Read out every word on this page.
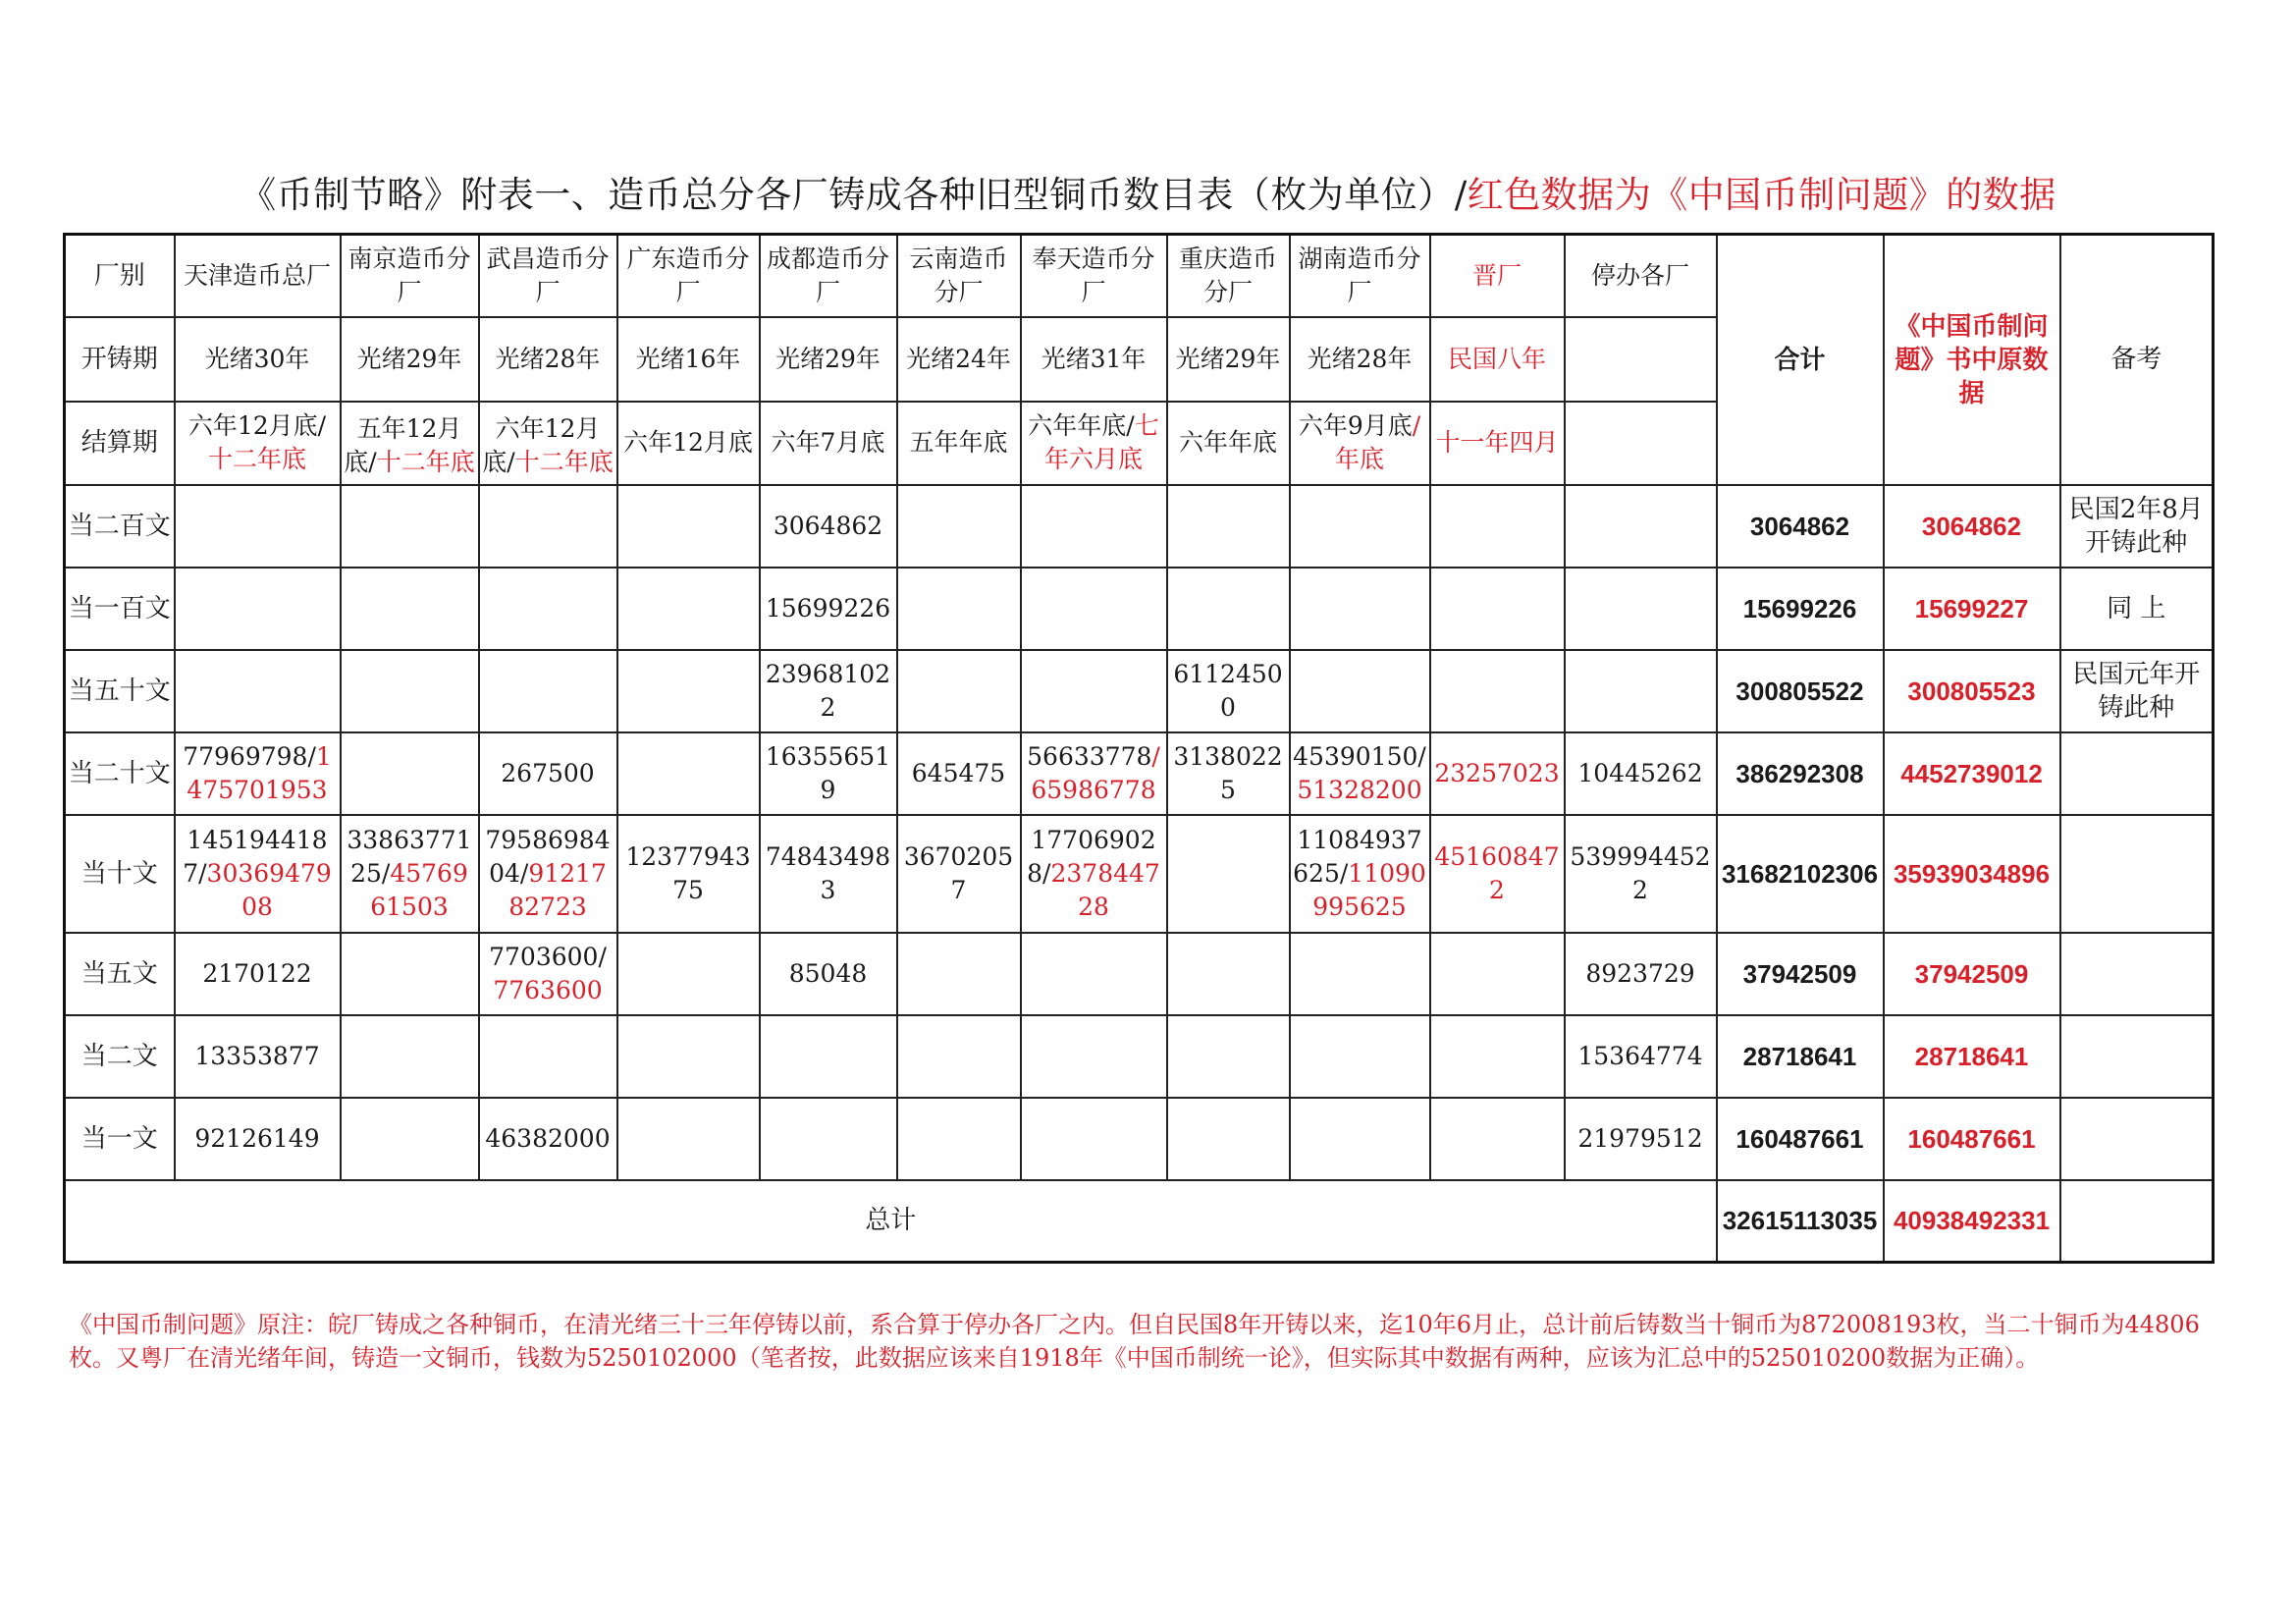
《币制节略》附表一、造币总分各厂铸成各种旧型铜币数目表（枚为单位）/红色数据为《中国币制问题》的数据
厂别	天津造币总厂	南京造币分厂	武昌造币分厂	广东造币分厂	成都造币分厂	云南造币分厂	奉天造币分厂	重庆造币分厂	湖南造币分厂	晋厂	停办各厂	合计	《中国币制问题》书中原数据	备考
开铸期	光绪30年	光绪29年	光绪28年	光绪16年	光绪29年	光绪24年	光绪31年	光绪29年	光绪28年	民国八年				
结算期	六年12月底/十二年底	五年12月底/十二年底	六年12月底/十二年底	六年12月底	六年7月底	五年年底	六年年底/七年六月底	六年年底	六年9月底/年底	十一年四月				
当二百文					3064862							3064862	3064862	民国2年8月开铸此种
当一百文					15699226							15699226	15699227	同 上
当五十文					239681022			61124500				300805522	300805523	民国元年开铸此种
当二十文	77969798/1475701953		267500		163556519	645475	56633778/65986778	31380225	45390150/51328200	23257023	10445262	386292308	4452739012	
当十文	1451944187/3036947908	3386377125/4576961503	7958698404/9121782723	1237794375	748434983	36702057	177069028/237844728		11084937625/11090995625	451608472	5399944522	31682102306	35939034896	
当五文	2170122		7703600/7763600		85048						8923729	37942509	37942509	
当二文	13353877										15364774	28718641	28718641	
当一文	92126149		46382000								21979512	160487661	160487661	
总计												32615113035	40938492331	
《中国币制问题》原注：皖厂铸成之各种铜币，在清光绪三十三年停铸以前，系合算于停办各厂之内。但自民国8年开铸以来，迄10年6月止，总计前后铸数当十铜币为872008193枚，当二十铜币为44806枚。又粤厂在清光绪年间，铸造一文铜币，钱数为5250102000（笔者按，此数据应该来自1918年《中国币制统一论》，但实际其中数据有两种，应该为汇总中的525010200数据为正确）。
